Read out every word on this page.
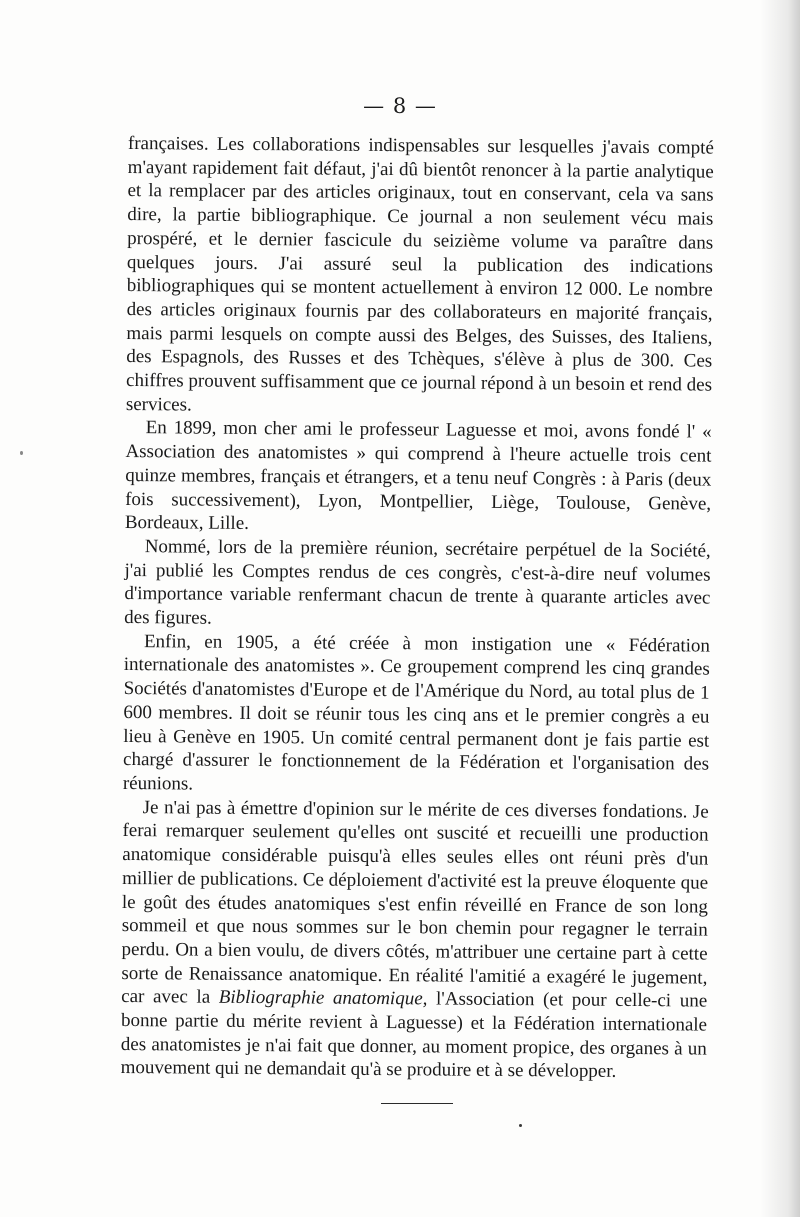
— 8 —

françaises. Les collaborations indispensables sur lesquelles j'avais compté m'ayant rapidement fait défaut, j'ai dû bientôt renoncer à la partie analytique et la remplacer par des articles originaux, tout en conservant, cela va sans dire, la partie bibliographique. Ce journal a non seulement vécu mais prospéré, et le dernier fascicule du seizième volume va paraître dans quelques jours. J'ai assuré seul la publication des indications bibliographiques qui se montent actuellement à environ 12 000. Le nombre des articles originaux fournis par des collaborateurs en majorité français, mais parmi lesquels on compte aussi des Belges, des Suisses, des Italiens, des Espagnols, des Russes et des Tchèques, s'élève à plus de 300. Ces chiffres prouvent suffisamment que ce journal répond à un besoin et rend des services.

En 1899, mon cher ami le professeur Laguesse et moi, avons fondé l' « Association des anatomistes » qui comprend à l'heure actuelle trois cent quinze membres, français et étrangers, et a tenu neuf Congrès : à Paris (deux fois successivement), Lyon, Montpellier, Liège, Toulouse, Genève, Bordeaux, Lille.

Nommé, lors de la première réunion, secrétaire perpétuel de la Société, j'ai publié les Comptes rendus de ces congrès, c'est-à-dire neuf volumes d'importance variable renfermant chacun de trente à quarante articles avec des figures.

Enfin, en 1905, a été créée à mon instigation une « Fédération internationale des anatomistes ». Ce groupement comprend les cinq grandes Sociétés d'anatomistes d'Europe et de l'Amérique du Nord, au total plus de 1 600 membres. Il doit se réunir tous les cinq ans et le premier congrès a eu lieu à Genève en 1905. Un comité central permanent dont je fais partie est chargé d'assurer le fonctionnement de la Fédération et l'organisation des réunions.

Je n'ai pas à émettre d'opinion sur le mérite de ces diverses fondations. Je ferai remarquer seulement qu'elles ont suscité et recueilli une production anatomique considérable puisqu'à elles seules elles ont réuni près d'un millier de publications. Ce déploiement d'activité est la preuve éloquente que le goût des études anatomiques s'est enfin réveillé en France de son long sommeil et que nous sommes sur le bon chemin pour regagner le terrain perdu. On a bien voulu, de divers côtés, m'attribuer une certaine part à cette sorte de Renaissance anatomique. En réalité l'amitié a exagéré le jugement, car avec la Bibliographie anatomique, l'Association (et pour celle-ci une bonne partie du mérite revient à Laguesse) et la Fédération internationale des anatomistes je n'ai fait que donner, au moment propice, des organes à un mouvement qui ne demandait qu'à se produire et à se développer.
